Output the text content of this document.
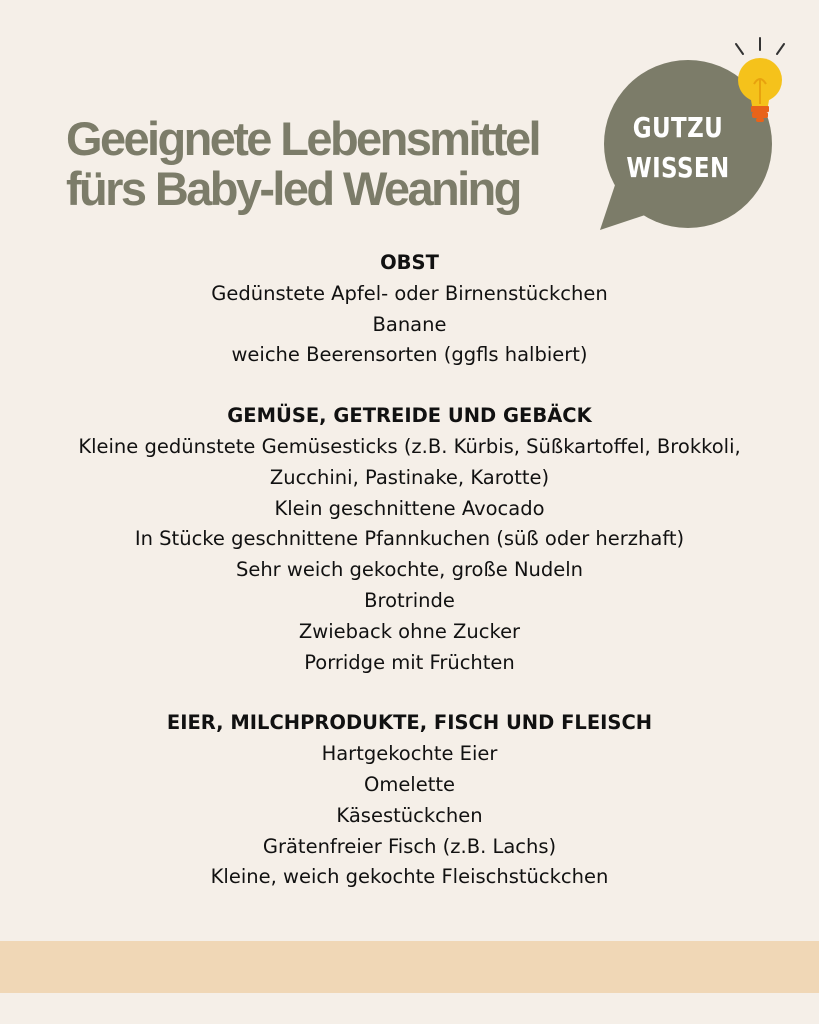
Geeignete Lebensmittel
fürs Baby-led Weaning
GUTZU
WISSEN
OBST
Gedünstete Apfel- oder Birnenstückchen
Banane
weiche Beerensorten (ggfls halbiert)
GEMÜSE, GETREIDE UND GEBÄCK
Kleine gedünstete Gemüsesticks (z.B. Kürbis, Süßkartoffel, Brokkoli,
Zucchini, Pastinake, Karotte)
Klein geschnittene Avocado
In Stücke geschnittene Pfannkuchen (süß oder herzhaft)
Sehr weich gekochte, große Nudeln
Brotrinde
Zwieback ohne Zucker
Porridge mit Früchten
EIER, MILCHPRODUKTE, FISCH UND FLEISCH
Hartgekochte Eier
Omelette
Käsestückchen
Grätenfreier Fisch (z.B. Lachs)
Kleine, weich gekochte Fleischstückchen
